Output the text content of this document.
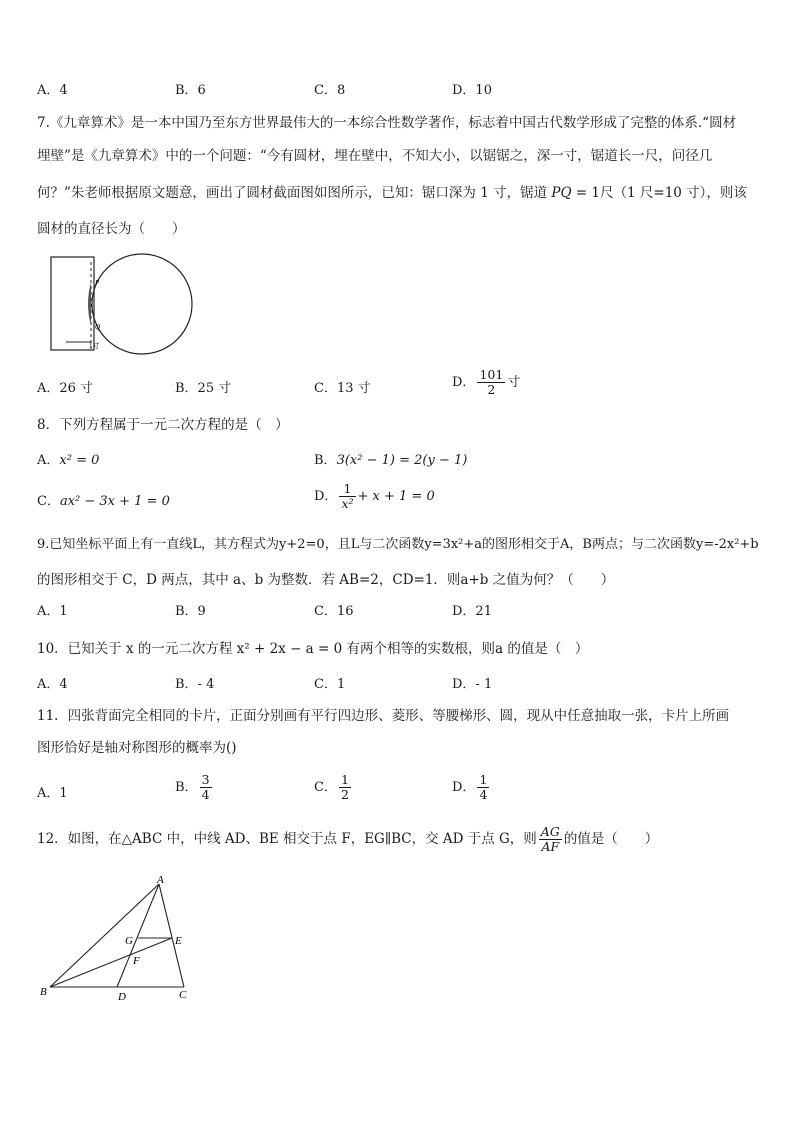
A．4	B．6	C．8	D．10
7.《九章算术》是一本中国乃至东方世界最伟大的一本综合性数学著作，标志着中国古代数学形成了完整的体系.“圆材
埋壁”是《九章算术》中的一个问题：“今有圆材，埋在壁中，不知大小，以锯锯之，深一寸，锯道长一尺，问径几
何？”朱老师根据原文题意，画出了圆材截面图如图所示，已知：锯口深为 1 寸，锯道 PQ = 1尺（1 尺=10 寸），则该
圆材的直径长为（　　）
P
Q
1寸
A．26 寸	B．25 寸	C．13 寸	D． $\frac{101}{2}$ 寸
8．下列方程属于一元二次方程的是（　）
A．x² = 0	B．3(x² − 1) = 2(y − 1)
C．ax² − 3x + 1 = 0	D． $\frac{1}{\text{x²}} + x + 1 = 0$
9.已知坐标平面上有一直线L，其方程式为y+2=0，且L与二次函数y=3x²+a的图形相交于A，B两点；与二次函数y=-2x²+b
的图形相交于 C，D 两点，其中 a、b 为整数．若 AB=2，CD=1．则a+b 之值为何？（　　）
A．1	B．9	C．16	D．21
10．已知关于 x 的一元二次方程 x² + 2x − a = 0 有两个相等的实数根，则a 的值是（　）
A．4	B．- 4	C．1	D．- 1
11．四张背面完全相同的卡片，正面分别画有平行四边形、菱形、等腰梯形、圆，现从中任意抽取一张，卡片上所画
图形恰好是轴对称图形的概率为()
A．1	B． $\frac{3}{4}$	C． $\frac{1}{2}$	D． $\frac{1}{4}$
12．如图，在△ABC 中，中线 AD、BE 相交于点 F，EG∥BC，交 AD 于点 G，则 $\frac{AG}{AF}$ 的值是（　　）
A
B	C
D
E
F
G
